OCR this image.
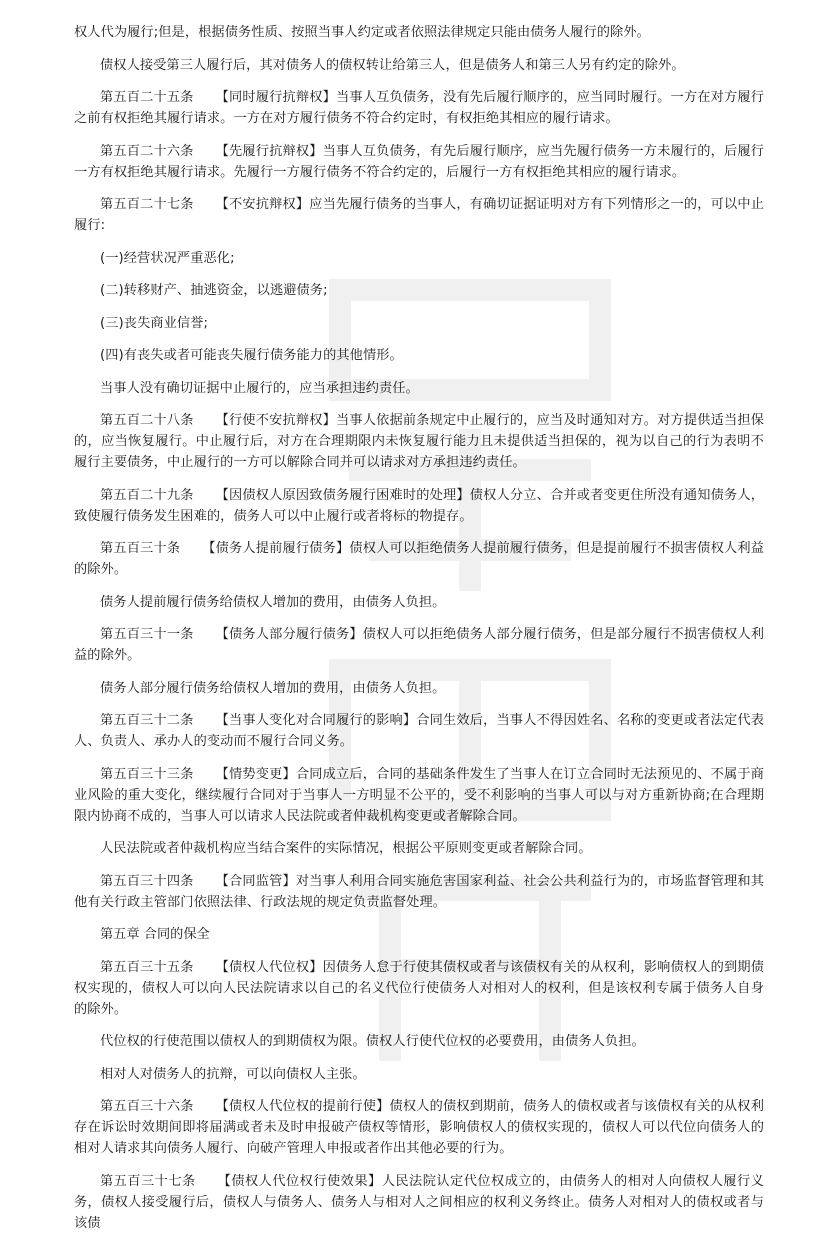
权人代为履行;但是，根据债务性质、按照当事人约定或者依照法律规定只能由债务人履行的除外。

债权人接受第三人履行后，其对债务人的债权转让给第三人，但是债务人和第三人另有约定的除外。

第五百二十五条 【同时履行抗辩权】当事人互负债务，没有先后履行顺序的，应当同时履行。一方在对方履行之前有权拒绝其履行请求。一方在对方履行债务不符合约定时，有权拒绝其相应的履行请求。

第五百二十六条 【先履行抗辩权】当事人互负债务，有先后履行顺序，应当先履行债务一方未履行的，后履行一方有权拒绝其履行请求。先履行一方履行债务不符合约定的，后履行一方有权拒绝其相应的履行请求。

第五百二十七条 【不安抗辩权】应当先履行债务的当事人，有确切证据证明对方有下列情形之一的，可以中止履行:

(一)经营状况严重恶化;

(二)转移财产、抽逃资金，以逃避债务;

(三)丧失商业信誉;

(四)有丧失或者可能丧失履行债务能力的其他情形。

当事人没有确切证据中止履行的，应当承担违约责任。

第五百二十八条 【行使不安抗辩权】当事人依据前条规定中止履行的，应当及时通知对方。对方提供适当担保的，应当恢复履行。中止履行后，对方在合理期限内未恢复履行能力且未提供适当担保的，视为以自己的行为表明不履行主要债务，中止履行的一方可以解除合同并可以请求对方承担违约责任。

第五百二十九条 【因债权人原因致债务履行困难时的处理】债权人分立、合并或者变更住所没有通知债务人，致使履行债务发生困难的，债务人可以中止履行或者将标的物提存。

第五百三十条 【债务人提前履行债务】债权人可以拒绝债务人提前履行债务，但是提前履行不损害债权人利益的除外。

债务人提前履行债务给债权人增加的费用，由债务人负担。

第五百三十一条 【债务人部分履行债务】债权人可以拒绝债务人部分履行债务，但是部分履行不损害债权人利益的除外。

债务人部分履行债务给债权人增加的费用，由债务人负担。

第五百三十二条 【当事人变化对合同履行的影响】合同生效后，当事人不得因姓名、名称的变更或者法定代表人、负责人、承办人的变动而不履行合同义务。

第五百三十三条 【情势变更】合同成立后，合同的基础条件发生了当事人在订立合同时无法预见的、不属于商业风险的重大变化，继续履行合同对于当事人一方明显不公平的，受不利影响的当事人可以与对方重新协商;在合理期限内协商不成的，当事人可以请求人民法院或者仲裁机构变更或者解除合同。

人民法院或者仲裁机构应当结合案件的实际情况，根据公平原则变更或者解除合同。

第五百三十四条 【合同监管】对当事人利用合同实施危害国家利益、社会公共利益行为的，市场监督管理和其他有关行政主管部门依照法律、行政法规的规定负责监督处理。

第五章 合同的保全

第五百三十五条 【债权人代位权】因债务人怠于行使其债权或者与该债权有关的从权利，影响债权人的到期债权实现的，债权人可以向人民法院请求以自己的名义代位行使债务人对相对人的权利，但是该权利专属于债务人自身的除外。

代位权的行使范围以债权人的到期债权为限。债权人行使代位权的必要费用，由债务人负担。

相对人对债务人的抗辩，可以向债权人主张。

第五百三十六条 【债权人代位权的提前行使】债权人的债权到期前，债务人的债权或者与该债权有关的从权利存在诉讼时效期间即将届满或者未及时申报破产债权等情形，影响债权人的债权实现的，债权人可以代位向债务人的相对人请求其向债务人履行、向破产管理人申报或者作出其他必要的行为。

第五百三十七条 【债权人代位权行使效果】人民法院认定代位权成立的，由债务人的相对人向债权人履行义务，债权人接受履行后，债权人与债务人、债务人与相对人之间相应的权利义务终止。债务人对相对人的债权或者与该债
